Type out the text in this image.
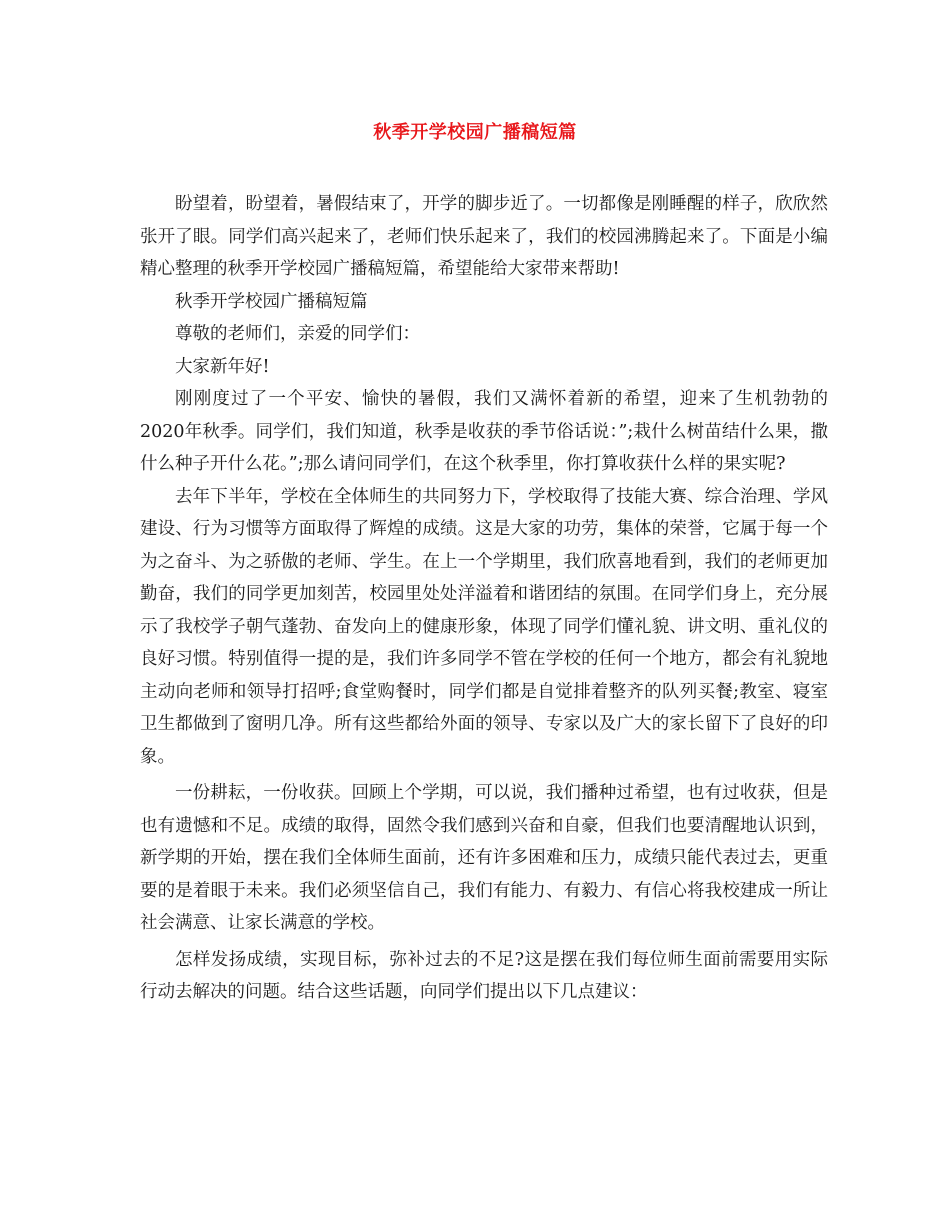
秋季开学校园广播稿短篇

盼望着，盼望着，暑假结束了，开学的脚步近了。一切都像是刚睡醒的样子，欣欣然张开了眼。同学们高兴起来了，老师们快乐起来了，我们的校园沸腾起来了。下面是小编精心整理的秋季开学校园广播稿短篇，希望能给大家带来帮助!

秋季开学校园广播稿短篇

尊敬的老师们，亲爱的同学们：

大家新年好!

刚刚度过了一个平安、愉快的暑假，我们又满怀着新的希望，迎来了生机勃勃的2020年秋季。同学们，我们知道，秋季是收获的季节俗话说：”;栽什么树苗结什么果，撒什么种子开什么花。”;那么请问同学们，在这个秋季里，你打算收获什么样的果实呢?

去年下半年，学校在全体师生的共同努力下，学校取得了技能大赛、综合治理、学风建设、行为习惯等方面取得了辉煌的成绩。这是大家的功劳，集体的荣誉，它属于每一个为之奋斗、为之骄傲的老师、学生。在上一个学期里，我们欣喜地看到，我们的老师更加勤奋，我们的同学更加刻苦，校园里处处洋溢着和谐团结的氛围。在同学们身上，充分展示了我校学子朝气蓬勃、奋发向上的健康形象，体现了同学们懂礼貌、讲文明、重礼仪的良好习惯。特别值得一提的是，我们许多同学不管在学校的任何一个地方，都会有礼貌地主动向老师和领导打招呼;食堂购餐时，同学们都是自觉排着整齐的队列买餐;教室、寝室卫生都做到了窗明几净。所有这些都给外面的领导、专家以及广大的家长留下了良好的印象。

一份耕耘，一份收获。回顾上个学期，可以说，我们播种过希望，也有过收获，但是也有遗憾和不足。成绩的取得，固然令我们感到兴奋和自豪，但我们也要清醒地认识到，新学期的开始，摆在我们全体师生面前，还有许多困难和压力，成绩只能代表过去，更重要的是着眼于未来。我们必须坚信自己，我们有能力、有毅力、有信心将我校建成一所让社会满意、让家长满意的学校。

怎样发扬成绩，实现目标，弥补过去的不足?这是摆在我们每位师生面前需要用实际行动去解决的问题。结合这些话题，向同学们提出以下几点建议：
